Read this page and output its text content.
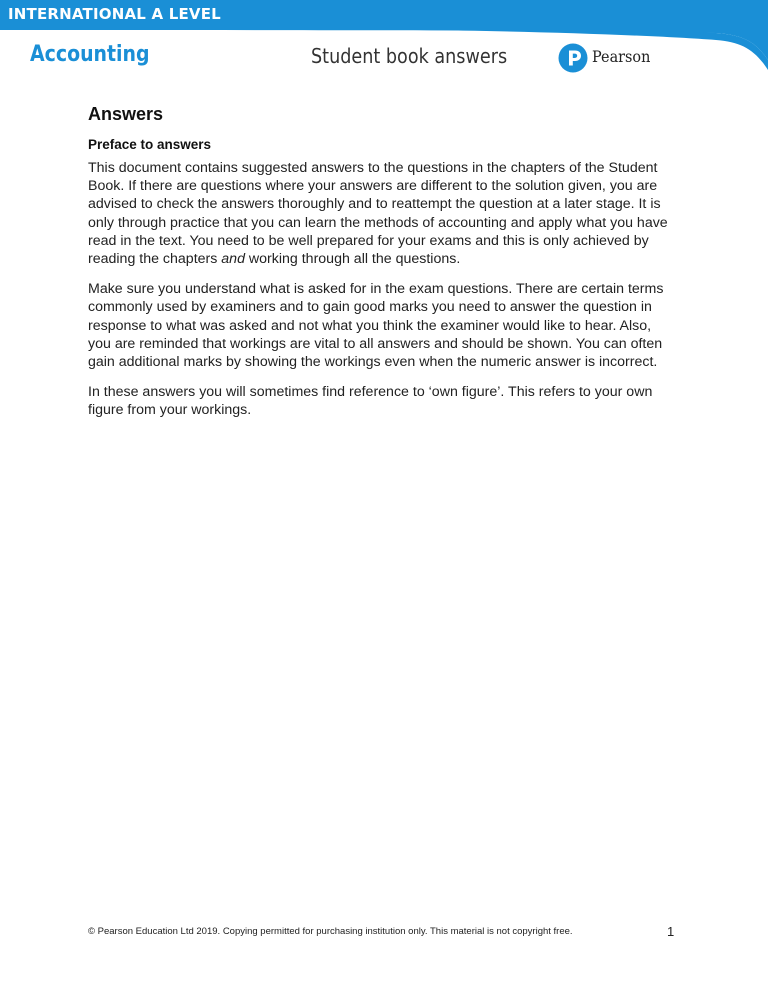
INTERNATIONAL A LEVEL
Accounting	Student book answers	Pearson
Answers
Preface to answers

This document contains suggested answers to the questions in the chapters of the Student Book. If there are questions where your answers are different to the solution given, you are advised to check the answers thoroughly and to reattempt the question at a later stage. It is only through practice that you can learn the methods of accounting and apply what you have read in the text. You need to be well prepared for your exams and this is only achieved by reading the chapters and working through all the questions.

Make sure you understand what is asked for in the exam questions. There are certain terms commonly used by examiners and to gain good marks you need to answer the question in response to what was asked and not what you think the examiner would like to hear. Also, you are reminded that workings are vital to all answers and should be shown. You can often gain additional marks by showing the workings even when the numeric answer is incorrect.

In these answers you will sometimes find reference to ‘own figure’. This refers to your own figure from your workings.

© Pearson Education Ltd 2019. Copying permitted for purchasing institution only. This material is not copyright free.	1
